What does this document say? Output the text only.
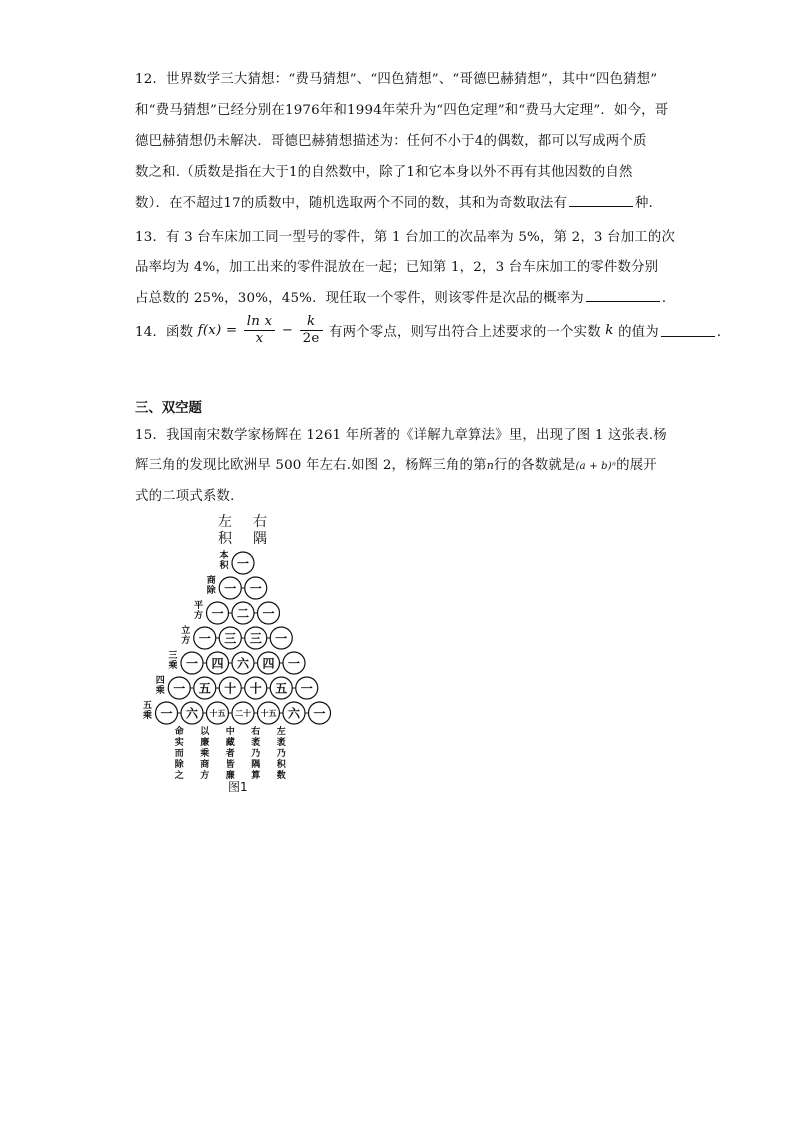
12．世界数学三大猜想：“费马猜想”、“四色猜想”、“哥德巴赫猜想”，其中“四色猜想”
和“费马猜想”已经分别在1976年和1994年荣升为“四色定理”和“费马大定理”．如今，哥
德巴赫猜想仍未解决．哥德巴赫猜想描述为：任何不小于4的偶数，都可以写成两个质
数之和.（质数是指在大于1的自然数中，除了1和它本身以外不再有其他因数的自然
数）．在不超过17的质数中，随机选取两个不同的数，其和为奇数取法有	种．
13．有 3 台车床加工同一型号的零件，第 1 台加工的次品率为 5%，第 2，3 台加工的次
品率均为 4%，加工出来的零件混放在一起；已知第 1，2，3 台车床加工的零件数分别
占总数的 25%，30%，45%．现任取一个零件，则该零件是次品的概率为	．
14．函数 $f(x) = \frac{\text{ln x}}{x} - \frac{k}{2e}$ 有两个零点，则写出符合上述要求的一个实数 k 的值为	．
三、双空题
15．我国南宋数学家杨辉在 1261 年所著的《详解九章算法》里，出现了图 1 这张表.杨
辉三角的发现比欧洲早 500 年左右.如图 2，杨辉三角的第n行的各数就是(a + b)ⁿ的展开
式的二项式系数.
左
积
右
隅
一
本
积
一 一
商
除
一 二 一
平
方
一 三 三 一
立
方
一 四 六 四 一
三
乘
一 五 十 十 五 一
四
乘
一 六 十五 二十 十五 六 一
五
乘
命
实
而
除
之
以
廉
乘
商
方
中
藏
者
皆
廉
右
袤
乃
隅
算
左
袤
乃
积
数
图1
